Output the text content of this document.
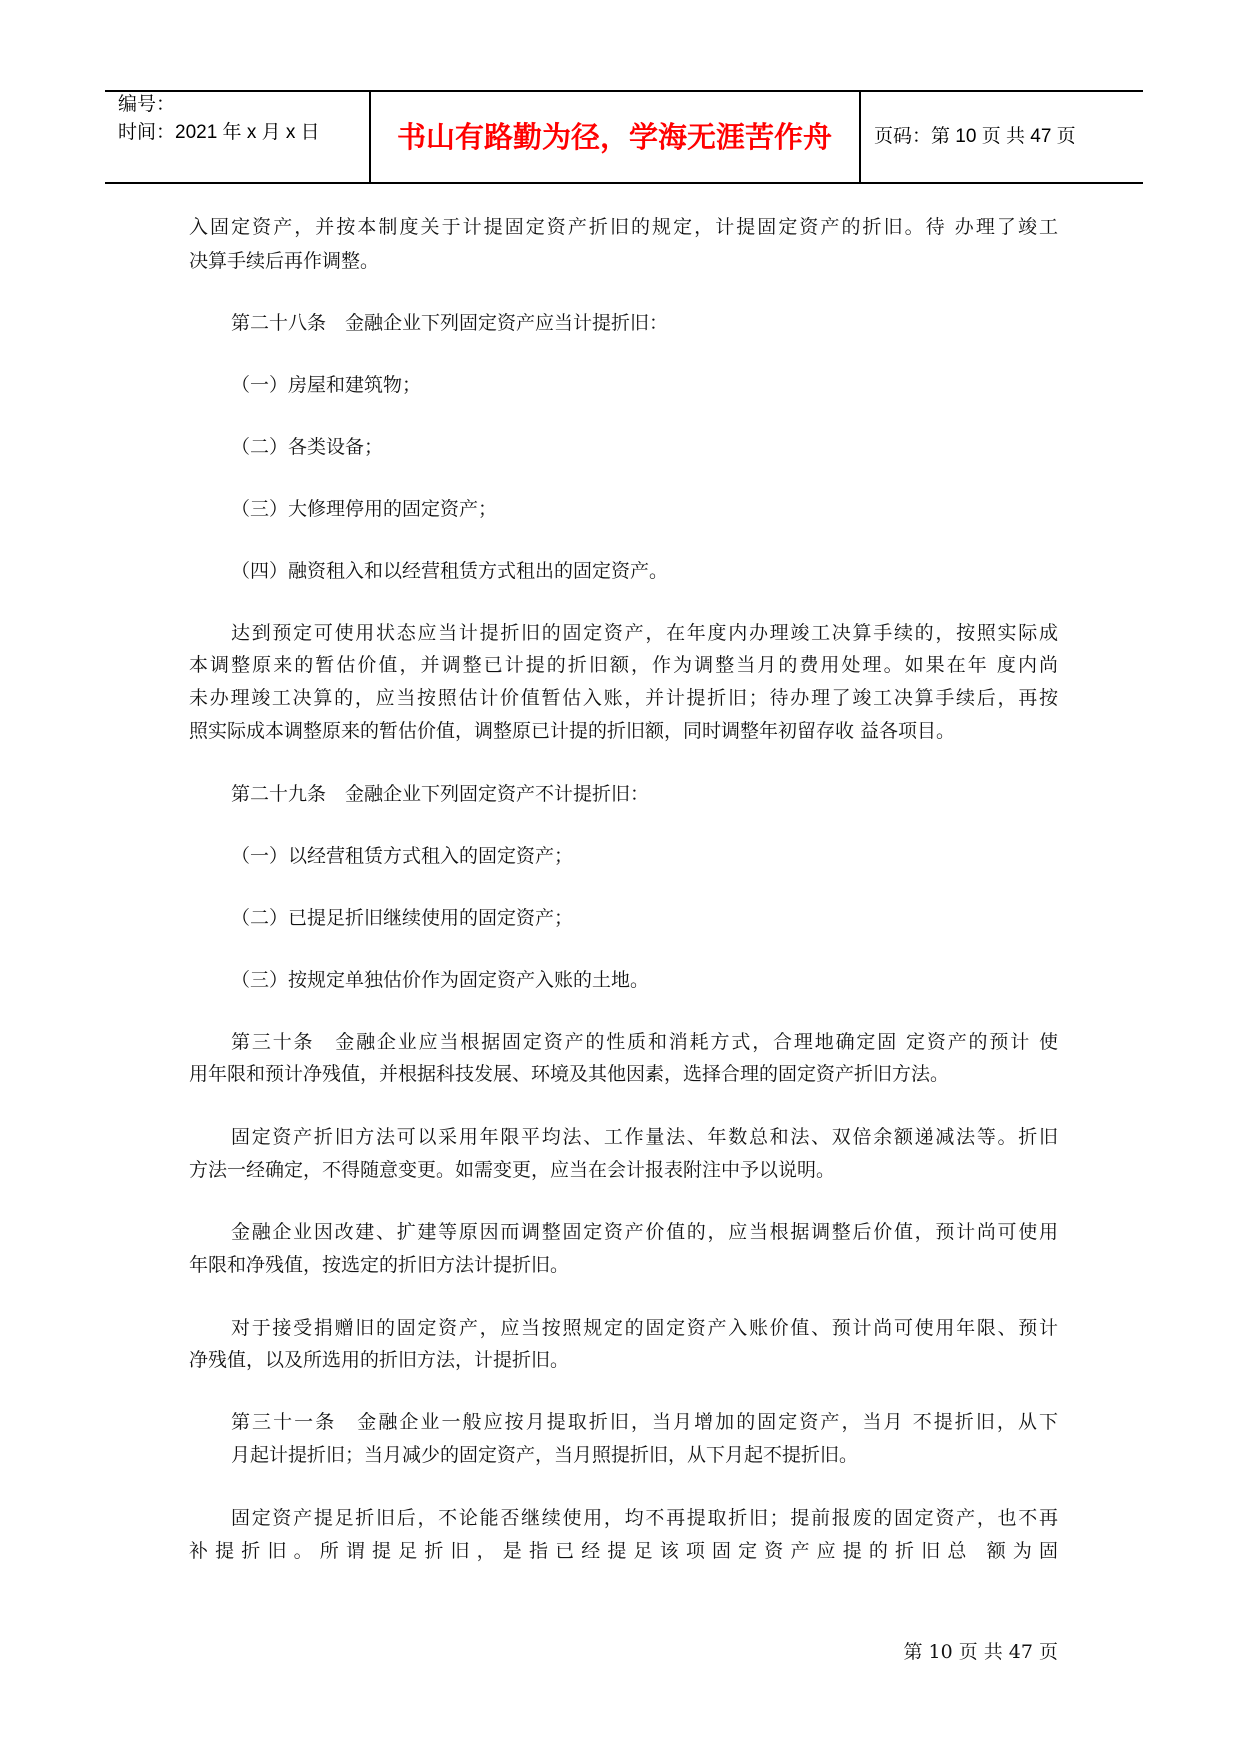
编号：
时间：2021 年 x 月 x 日	书山有路勤为径，学海无涯苦作舟	页码：第 10 页 共 47 页
入固定资产，并按本制度关于计提固定资产折旧的规定，计提固定资产的折旧。待 办理了竣工
决算手续后再作调整。
第二十八条　金融企业下列固定资产应当计提折旧：
（一）房屋和建筑物；
（二）各类设备；
（三）大修理停用的固定资产；
（四）融资租入和以经营租赁方式租出的固定资产。
达到预定可使用状态应当计提折旧的固定资产，在年度内办理竣工决算手续的，按照实际成
本调整原来的暂估价值，并调整已计提的折旧额，作为调整当月的费用处理。如果在年 度内尚
未办理竣工决算的，应当按照估计价值暂估入账，并计提折旧；待办理了竣工决算手续后，再按
照实际成本调整原来的暂估价值，调整原已计提的折旧额，同时调整年初留存收 益各项目。
第二十九条　金融企业下列固定资产不计提折旧：
（一）以经营租赁方式租入的固定资产；
（二）已提足折旧继续使用的固定资产；
（三）按规定单独估价作为固定资产入账的土地。
第三十条　金融企业应当根据固定资产的性质和消耗方式，合理地确定固 定资产的预计 使
用年限和预计净残值，并根据科技发展、环境及其他因素，选择合理的固定资产折旧方法。
固定资产折旧方法可以采用年限平均法、工作量法、年数总和法、双倍余额递减法等。折旧
方法一经确定，不得随意变更。如需变更，应当在会计报表附注中予以说明。
金融企业因改建、扩建等原因而调整固定资产价值的，应当根据调整后价值，预计尚可使用
年限和净残值，按选定的折旧方法计提折旧。
对于接受捐赠旧的固定资产，应当按照规定的固定资产入账价值、预计尚可使用年限、预计
净残值，以及所选用的折旧方法，计提折旧。
第三十一条　金融企业一般应按月提取折旧，当月增加的固定资产，当月 不提折旧，从下
月起计提折旧；当月减少的固定资产，当月照提折旧，从下月起不提折旧。
固定资产提足折旧后，不论能否继续使用，均不再提取折旧；提前报废的固定资产，也不再
补提折旧。所谓提足折旧，是指已经提足该项固定资产应提的折旧总 额为固
第 10 页 共 47 页
